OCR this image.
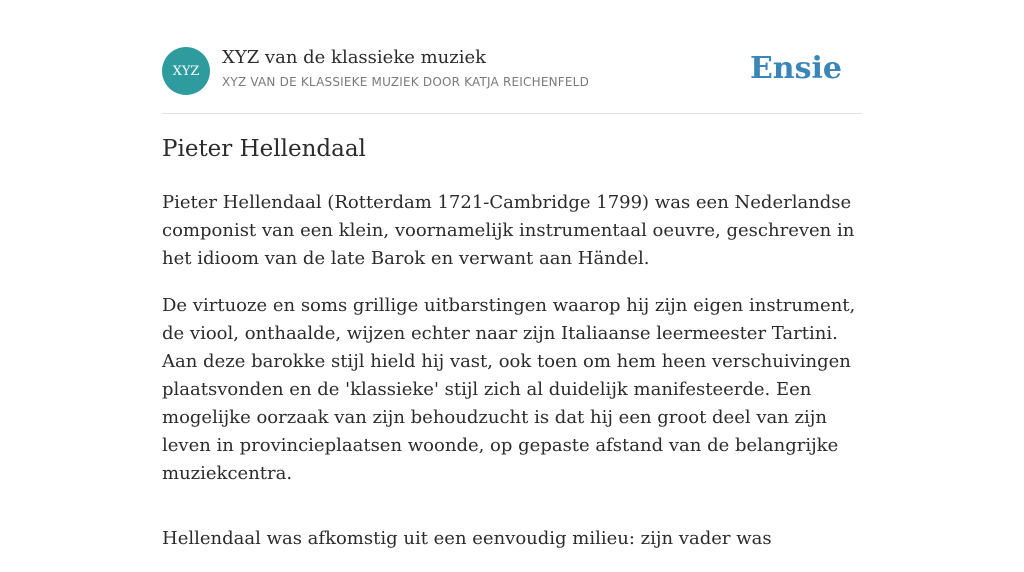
XYZ
XYZ van de klassieke muziek
XYZ VAN DE KLASSIEKE MUZIEK DOOR KATJA REICHENFELD	Ensie
Pieter Hellendaal

Pieter Hellendaal (Rotterdam 1721-Cambridge 1799) was een Nederlandse componist van een klein, voornamelijk instrumentaal oeuvre, geschreven in het idioom van de late Barok en verwant aan Händel.

De virtuoze en soms grillige uitbarstingen waarop hij zijn eigen instrument, de viool, onthaalde, wijzen echter naar zijn Italiaanse leermeester Tartini. Aan deze barokke stijl hield hij vast, ook toen om hem heen verschuivingen plaatsvonden en de 'klassieke' stijl zich al duidelijk manifesteerde. Een mogelijke oorzaak van zijn behoudzucht is dat hij een groot deel van zijn leven in provincieplaatsen woonde, op gepaste afstand van de belangrijke muziekcentra.

Hellendaal was afkomstig uit een eenvoudig milieu: zijn vader was
